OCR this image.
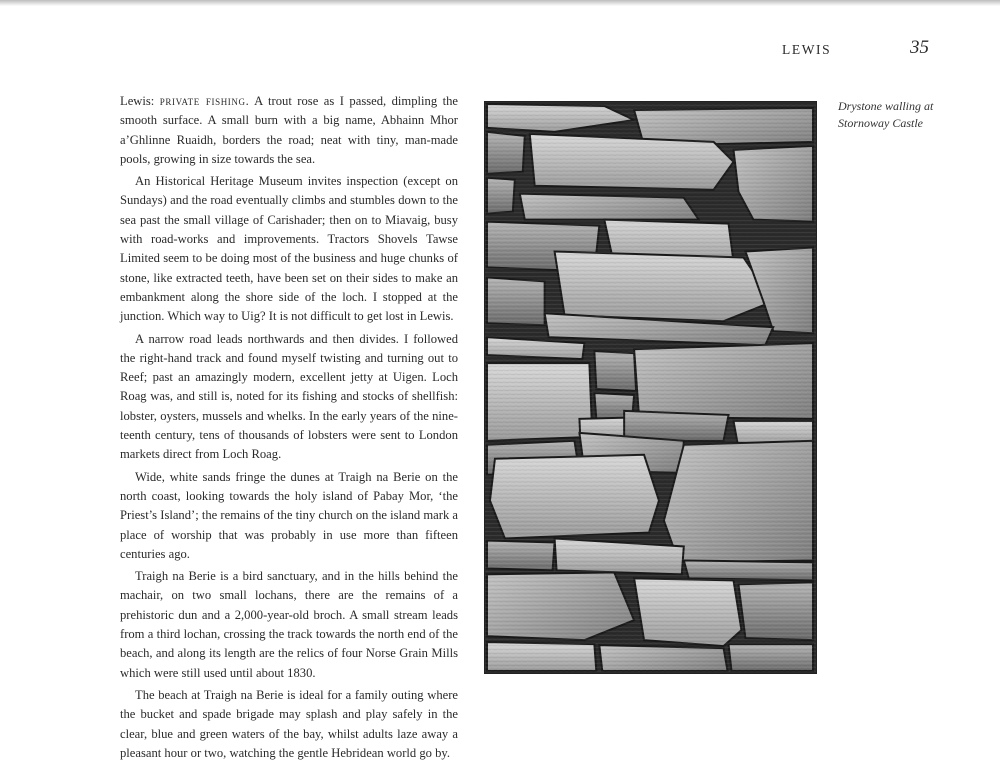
LEWIS	35

Lewis: private fishing. A trout rose as I passed, dimpling the smooth surface. A small burn with a big name, Abhainn Mhor a’Ghlinne Ruaidh, borders the road; neat with tiny, man-made pools, growing in size towards the sea.

An Historical Heritage Museum invites inspection (except on Sundays) and the road eventually climbs and stumbles down to the sea past the small village of Carishader; then on to Miavaig, busy with road-works and improvements. Tractors Shovels Tawse Limited seem to be doing most of the business and huge chunks of stone, like extracted teeth, have been set on their sides to make an embankment along the shore side of the loch. I stopped at the junction. Which way to Uig? It is not difficult to get lost in Lewis.

A narrow road leads northwards and then divides. I followed the right-hand track and found myself twisting and turning out to Reef; past an amazingly modern, excellent jetty at Uigen. Loch Roag was, and still is, noted for its fishing and stocks of shellfish: lobster, oysters, mussels and whelks. In the early years of the nine-teenth century, tens of thousands of lobsters were sent to London markets direct from Loch Roag.

Wide, white sands fringe the dunes at Traigh na Berie on the north coast, looking towards the holy island of Pabay Mor, ‘the Priest’s Island’; the remains of the tiny church on the island mark a place of worship that was probably in use more than fifteen centuries ago.

Traigh na Berie is a bird sanctuary, and in the hills behind the machair, on two small lochans, there are the remains of a prehistoric dun and a 2,000-year-old broch. A small stream leads from a third lochan, crossing the track towards the north end of the beach, and along its length are the relics of four Norse Grain Mills which were still used until about 1830.

The beach at Traigh na Berie is ideal for a family outing where the bucket and spade brigade may splash and play safely in the clear, blue and green waters of the bay, whilst adults laze away a pleasant hour or two, watching the gentle Hebridean world go by.

Drystone walling at
Stornoway Castle
